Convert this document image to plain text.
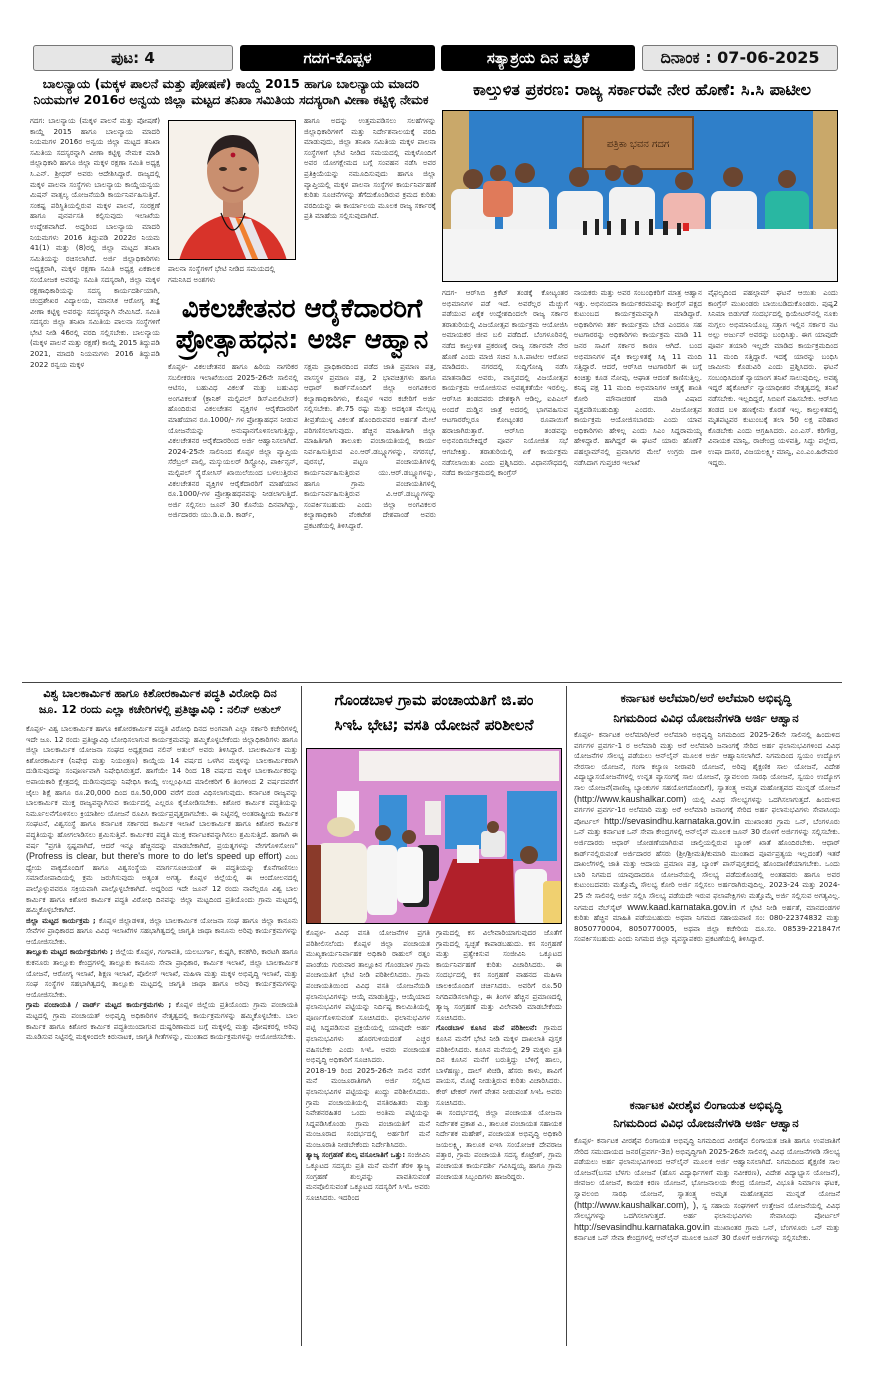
ಪುಟ: 4	ಗದಗ-ಕೊಪ್ಪಳ	ಸತ್ಯಾಶ್ರಯ ದಿನ ಪತ್ರಿಕೆ	ದಿನಾಂಕ : 07-06-2025
ಬಾಲನ್ಯಾಯ (ಮಕ್ಕಳ ಪಾಲನೆ ಮತ್ತು ಪೋಷಣೆ) ಕಾಯ್ದೆ 2015 ಹಾಗೂ ಬಾಲನ್ಯಾಯ ಮಾದರಿ
ನಿಯಮಗಳ 2016ರ ಅನ್ವಯ ಜಿಲ್ಲಾ ಮಟ್ಟದ ತನಿಖಾ ಸಮಿತಿಯ ಸದಸ್ಯರಾಗಿ ವೀಣಾ ಕಟ್ಟಿಳ್ಳಿ ನೇಮಕ
ಗದಗ: ಬಾಲನ್ಯಾಯ (ಮಕ್ಕಳ ಪಾಲನೆ ಮತ್ತು ಪೋಷಣೆ) ಕಾಯ್ದೆ 2015 ಹಾಗೂ ಬಾಲನ್ಯಾಯ ಮಾದರಿ ನಿಯಮಗಳ 2016ರ ಅನ್ವಯ ಜಿಲ್ಲಾ ಮಟ್ಟದ ತನಿಖಾ ಸಮಿತಿಯ ಸದಸ್ಯರನ್ನಾಗಿ ವೀಣಾ ಕಟ್ಟಿಳ್ಳಿ ನೇಮಕ ಮಾಡಿ ಜಿಲ್ಲಾಧಿಕಾರಿ ಹಾಗೂ ಜಿಲ್ಲಾ ಮಕ್ಕಳ ರಕ್ಷಣಾ ಸಮಿತಿ ಅಧ್ಯಕ್ಷ ಸಿ.ಎನ್. ಶ್ರೀಧರ್ ಅವರು ಆದೇಶಿಸಿದ್ದಾರೆ. ರಾಜ್ಯದಲ್ಲಿ ಮಕ್ಕಳ ಪಾಲನಾ ಸಂಸ್ಥೆಗಳು ಬಾಲನ್ಯಾಯ ಕಾಯ್ದೆಯನ್ವಯ ಮಿಷನ್ ವಾತ್ಸಲ್ಯ ಯೋಜನೆಯಡಿ ಕಾರ್ಯನಿರ್ವಹಿಸುತ್ತಿವೆ. ಸಂಕಷ್ಟ ಪರಿಸ್ಥಿತಿಯಲ್ಲಿರುವ ಮಕ್ಕಳ ಪಾಲನೆ, ಸಂರಕ್ಷಣೆ ಹಾಗೂ ಪುನರ್ವಸತಿ ಕಲ್ಪಿಸುವುದು ಇಲಾಖೆಯ ಉದ್ದೇಶವಾಗಿದೆ. ಅದ್ದರಿಂದ ಬಾಲನ್ಯಾಯ ಮಾದರಿ ನಿಯಮಗಳು 2016 ತಿದ್ದುಪಡಿ 2022ರ ನಿಯಮ 41(1) ಮತ್ತು (8)ರಲ್ಲಿ ಜಿಲ್ಲಾ ಮಟ್ಟದ ತನಿಖಾ ಸಮಿತಿಯನ್ನು ರಚಿಸಲಾಗಿದೆ. ಅರ್ಜಿ ಜಿಲ್ಲಾಧಿಕಾರಿಗಳು ಅಧ್ಯಕ್ಷರಾಗಿ, ಮಕ್ಕಳ ರಕ್ಷಣಾ ಸಮಿತಿ ಅಧ್ಯಕ್ಷ ಏಕಕಾಲಕ ಸಂಯೋಜಕ ಅವರನ್ನು ಸಮಿತಿ ಸದಸ್ಯರಾಗಿ, ಜಿಲ್ಲಾ ಮಕ್ಕಳ ರಕ್ಷಣಾಧಿಕಾರಿಯನ್ನು ಸದಸ್ಯ ಕಾರ್ಯದರ್ಶಿಯಾಗಿ, ಚಂದ್ರಶೇಖರ ವಿದ್ಯಾಲಯ, ಮಾನಸಿಕ ಆರೋಗ್ಯ ತಜ್ಞೆ ವೀಣಾ ಕಟ್ಟಿಳ್ಳಿ ಅವರನ್ನು ಸದಸ್ಯರನ್ನಾಗಿ ನೇಮಿಸಿದೆ. ಸಮಿತಿ ಸದಸ್ಯರು ಜಿಲ್ಲಾ ತನಿಖಾ ಸಮಿತಿಯ ಪಾಲನಾ ಸಂಸ್ಥೆಗಳಿಗೆ ಭೇಟಿ ನೀಡಿ 46ರಲ್ಲಿ ವರದಿ ಸಲ್ಲಿಸಬೇಕು. ಬಾಲನ್ಯಾಯ (ಮಕ್ಕಳ ಪಾಲನೆ ಮತ್ತು ರಕ್ಷಣೆ) ಕಾಯ್ದೆ 2015 ತಿದ್ದುಪಡಿ 2021, ಮಾದರಿ ನಿಯಮಗಳು 2016 ತಿದ್ದುಪಡಿ 2022 ರನ್ವಯ ಮಕ್ಕಳ
ಪಾಲನಾ ಸಂಸ್ಥೆಗಳಿಗೆ ಭೇಟಿ ನೀಡಿದ ಸಮಯದಲ್ಲಿ ಗಮನಿಸಿದ ಅಂಶಗಳು
ಹಾಗೂ ಅದನ್ನು ಉತ್ತಮಪಡಿಸಲು ಸಲಹೆಗಳನ್ನು ಜಿಲ್ಲಾಧಿಕಾರಿಗಳಿಗೆ ಮತ್ತು ನಿರ್ದೇಶನಾಲಯಕ್ಕೆ ವರದಿ ಮಾಡುವುದು, ಜಿಲ್ಲಾ ತನಿಖಾ ಸಮಿತಿಯ ಮಕ್ಕಳ ಪಾಲನಾ ಸಂಸ್ಥೆಗಳಿಗೆ ಭೇಟಿ ನೀಡಿದ ಸಮಯದಲ್ಲಿ ಮಕ್ಕಳೊಂದಿಗೆ ಅವರ ಯೋಗಕ್ಷೇಮದ ಬಗ್ಗೆ ಸಂವಹನ ನಡೆಸಿ ಅವರ ಪ್ರತಿಕ್ರಿಯೆಯನ್ನು ನಮೂದಿಸುವುದು ಹಾಗೂ ಜಿಲ್ಲಾ ವ್ಯಾಪ್ತಿಯಲ್ಲಿ ಮಕ್ಕಳ ಪಾಲನಾ ಸಂಸ್ಥೆಗಳ ಕಾರ್ಯನಿರ್ವಹಣೆ ಕುರಿತು ಸೂಚನೆಗಳನ್ನು ತೆಗೆದುಕೊಂಡಿರುವ ಕ್ರಮದ ಕುರಿತು ವರದಿಯನ್ನು ಈ ಕಾರ್ಯಾಲಯ ಮೂಲಕ ರಾಜ್ಯ ಸರ್ಕಾರಕ್ಕೆ ಪ್ರತಿ ಮಾಹೆಯ ಸಲ್ಲಿಸುವುದಾಗಿದೆ.
ವಿಕಲಚೇತನರ ಆರೈಕೆದಾರರಿಗೆ
ಪ್ರೋತ್ಸಾಹಧನ: ಅರ್ಜಿ ಆಹ್ವಾನ
ಕೊಪ್ಪಳ- ವಿಕಲಚೇತನರ ಹಾಗೂ ಹಿರಿಯ ನಾಗರಿಕರ ಸಬಲೀಕರಣ ಇಲಾಖೆಯಿಂದ 2025-26ನೇ ಸಾಲಿನಲ್ಲಿ ಆಟಿಸಂ, ಬಹುವಿಧ ವಿಕಲತೆ ಮತ್ತು ಬಹುವಿಧ ಅಂಗವಿಕಲತೆ (ಕ್ರಾನಿಕ್ ಮಲ್ಟಿಪಲ್ ಡಿಸ್ಎಬಿಲಿಟೀಸ್) ಹೊಂದಿರುವ ವಿಕಲಚೇತನ ವ್ಯಕ್ತಿಗಳ ಆರೈಕೆದಾರರಿಗೆ ಮಾಹೆಯಾನ ರೂ.1000/- ಗಳ ಪ್ರೋತ್ಸಾಹಧನ ನೀಡುವ ಯೋಜನೆಯನ್ನು ಅನುಷ್ಠಾನಗೊಳಿಸಲಾಗುತ್ತಿದ್ದು, ವಿಕಲಚೇತನರ ಆರೈಕೆದಾರರಿಂದ ಅರ್ಜಿ ಆಹ್ವಾನಿಸಲಾಗಿದೆ. 2024-25ನೇ ಸಾಲಿನಿಂದ ಕೊಪ್ಪಳ ಜಿಲ್ಲಾ ವ್ಯಾಪ್ತಿಯ ಸೆರೆಬ್ರಲ್ ಪಾಲ್ಸಿ, ಮಸ್ಕುಯಲರ್ ಡಿಸ್ಟ್ರೋಫಿ, ಪಾರ್ಕಿನ್ಸನ್, ಮಲ್ಟಿಪಲ್ ಸ್ಕ್ಲೆರೋಸಿಸ್ ಖಾಯಿಲೆಯಿಂದ ಬಳಲುತ್ತಿರುವ ವಿಕಲಚೇತನರ ವ್ಯಕ್ತಿಗಳ ಆರೈಕೆದಾರರಿಗೆ ಮಾಹೆಯಾನ ರೂ.1000/-ಗಳ ಪ್ರೋತ್ಸಾಹಧನವನ್ನು ನೀಡಲಾಗುತ್ತಿದೆ. ಅರ್ಜಿ ಸಲ್ಲಿಸಲು ಜೂನ್ 30 ಕೊನೆಯ ದಿನವಾಗಿದ್ದು, ಅರ್ಜಿದಾರರು ಯು.ಡಿ.ಐ.ಡಿ. ಕಾರ್ಡ್,
ಸಕ್ಷಮ ಪ್ರಾಧಿಕಾರದಿಂದ ಪಡೆದ ಜಾತಿ ಪ್ರಮಾಣ ಪತ್ರ, ವಾಸಸ್ಥಳ ಪ್ರಮಾಣ ಪತ್ರ, 2 ಭಾವಚಿತ್ರಗಳು ಹಾಗೂ ಆಧಾರ್ ಕಾರ್ಡ್‌ನೊಂದಿಗೆ ಜಿಲ್ಲಾ ಅಂಗವಿಕಲರ ಕಲ್ಯಾಣಾಧಿಕಾರಿಗಳು, ಕೊಪ್ಪಳ ಇವರ ಕಚೇರಿಗೆ ಅರ್ಜಿ ಸಲ್ಲಿಸಬೇಕು. ಶೇ.75 ರಷ್ಟು ಮತ್ತು ಅದಕ್ಕಿಂತ ಮೇಲ್ಪಟ್ಟ ತೀವ್ರತೆಯುಳ್ಳ ವಿಕಲತೆ ಹೊಂದಿರುವವರ ಅರ್ಹತೆ ಮೇಲೆ ಪರಿಗಣಿಸಲಾಗುವುದು. ಹೆಚ್ಚಿನ ಮಾಹಿತಿಗಾಗಿ ಜಿಲ್ಲಾ ಮಾಹಿತಿಗಾಗಿ ತಾಲೂಕು ಪಂಚಾಯತಿಯಲ್ಲಿ ಕಾರ್ಯ ನಿರ್ವಹಿಸುತ್ತಿರುವ ಎಂ.ಆರ್.ಡಬ್ಲ್ಯೂಗಳನ್ನು, ನಗರಸಭೆ, ಪುರಸಭೆ, ಪಟ್ಟಣ ಪಂಚಾಯತಿಗಳಲ್ಲಿ ಕಾರ್ಯನಿರ್ವಹಿಸುತ್ತಿರುವ ಯು.ಆರ್.ಡಬ್ಲ್ಯೂಗಳನ್ನು, ಹಾಗೂ ಗ್ರಾಮ ಪಂಚಾಯತಿಗಳಲ್ಲಿ ಕಾರ್ಯನಿರ್ವಹಿಸುತ್ತಿರುವ ವಿ.ಆರ್.ಡಬ್ಲ್ಯೂಗಳನ್ನು ಸಂಪರ್ಕಿಸಬಹುದು ಎಂದು ಜಿಲ್ಲಾ ಅಂಗವಿಕಲರ ಕಲ್ಯಾಣಾಧಿಕಾರಿ ವೆಂಕಟೇಶ ದೇಶಪಾಂಡೆ ಅವರು ಪ್ರಕಟಣೆಯಲ್ಲಿ ತಿಳಿಸಿದ್ದಾರೆ.
ಕಾಲ್ತುಳಿತ ಪ್ರಕರಣ: ರಾಜ್ಯ ಸರ್ಕಾರವೇ ನೇರ ಹೊಣೆ: ಸಿ.ಸಿ ಪಾಟೀಲ
ಪತ್ರಿಕಾ ಭವನ ಗದಗ
ಗದಗ- ಆರ್‌ಸಿಬಿ ಕ್ರಿಕೆಟ್ ತಂಡಕ್ಕೆ ಕೋಟ್ಯಂತರ ಅಭಿಮಾನಿಗಳ ಪಡೆ ಇದೆ. ಅವರೆಲ್ಲರ ಮೆಚ್ಚುಗೆ ಪಡೆಯುವ ಏಕೈಕ ಉದ್ದೇಶದಿಂದಲೇ ರಾಜ್ಯ ಸರ್ಕಾರ ತರಾತುರಿಯಲ್ಲಿ ವಿಜಯೋತ್ಸವ ಕಾರ್ಯಕ್ರಮ ಆಯೋಜಿಸಿ ಅಮಾಯಕರ ಜೀವ ಬಲಿ ಪಡೆದಿದೆ. ಬೆಂಗಳೂರಿನಲ್ಲಿ ನಡೆದ ಕಾಲ್ತುಳಿತ ಪ್ರಕರಣಕ್ಕೆ ರಾಜ್ಯ ಸರ್ಕಾರವೇ ನೇರ ಹೊಣೆ ಎಂದು ಮಾಜಿ ಸಚಿವ ಸಿ.ಸಿ.ಪಾಟೀಲ ಆರೋಪ ಮಾಡಿದರು. ನಗರದಲ್ಲಿ ಸುದ್ದಿಗೋಷ್ಠಿ ನಡೆಸಿ ಮಾತನಾಡಿದ ಅವರು, ವಾಸ್ತವದಲ್ಲಿ ವಿಜಯೋತ್ಸವ ಕಾರ್ಯಕ್ರಮ ಆಯೋಜಿಸುವ ಅವಶ್ಯಕತೆಯೇ ಇರಲಿಲ್ಲ. ಆರ್‌ಸಿಬಿ ತಂಡದವರು ದೇಶಕ್ಕಾಗಿ ಆಡಿಲ್ಲ, ಐಪಿಎಲ್ ಅಂದರೆ ದುಡ್ಡಿನ ಜಾತ್ರೆ ಅದರಲ್ಲಿ ಭಾಗವಹಿಸುವ ಆಟಗಾರರೆಲ್ಲರೂ ಕೋಟ್ಯಂತರ ರೂಪಾಯಿಗೆ ಹರಾಜಾಗಿರುತ್ತಾರೆ. ಆರ್‌ಸಿಬಿ ತಂಡವನ್ನು ಅಭಿನಂದಿಸಬೇಕಿದ್ದರೆ ಪೂರ್ವ ನಿಯೋಜಿತ ಸಭೆ ಆಗಬೇಕಿತ್ತು. ತರಾತುರಿಯಲ್ಲಿ ಏಕೆ ಕಾರ್ಯಕ್ರಮ ನಡೆಸಲಾಯಿತು ಎಂದು ಪ್ರಶ್ನಿಸಿದರು. ವಿಧಾನಸೌಧದಲ್ಲಿ ನಡೆದ ಕಾರ್ಯಕ್ರಮದಲ್ಲಿ ಕಾಂಗ್ರೆಸ್
ನಾಯಕರು ಮತ್ತು ಅವರ ಸಂಬಂಧಿಕರಿಗೆ ಮಾತ್ರ ಆಹ್ವಾನ ಇತ್ತು. ಅಭಿನಂದನಾ ಕಾರ್ಯಕರಮವನ್ನು ಕಾಂಗ್ರೆಸ್ ಪಕ್ಷದ ಕುಟುಂಬದ ಕಾರ್ಯಕ್ರಮವನ್ನಾಗಿ ಮಾಡಿದ್ದಾರೆ. ಅಧಿಕಾರಿಗಳು ತರ್ಕ ಕಾರ್ಯಕ್ರಮ ಬೇಡ ಎಂದರೂ ಸಹ ಅಟಗಾರರನ್ನು ಅಧಿಕಾರಿಗಳು ಕಾರ್ಯಕ್ರಮ ಮಾಡಿ 11 ಜನರ ಸಾವಿಗೆ ಸರ್ಕಾರ ಕಾರಣ ಆಗಿದೆ. ಬಂದ ಅಭಿಮಾನಿಗಳ ಪೈಕಿ ಕಾಲ್ತುಳಿತಕ್ಕೆ ಸಿಕ್ಕಿ 11 ಮಂದಿ ಸತ್ತಿದ್ದಾರೆ. ಆದರೆ, ಆರ್‌ಸಿಬಿ ಆಟಗಾರರಿಗೆ ಈ ಬಗ್ಗೆ ಕಿಂಚಿತ್ತು ಕೂಡ ನೋವು, ಆಘಾತ ಆದಂತೆ ಕಾಣಿಸುತ್ತಿಲ್ಲ. ಕನಿಷ್ಠ ಪಕ್ಷ 11 ಮಂದಿ ಅಭಿಮಾನಿಗಳ ಆತ್ಮಕ್ಕೆ ಶಾಂತಿ ಕೋರಿ ಮೌನಾಚರಣೆ ಮಾಡಿ ವಿಷಾದ ವ್ಯಕ್ತಪಡಿಸಬಹುದಿತ್ತು ಎಂದರು. ವಿಜಯೋತ್ಸವ ಕಾರ್ಯಕ್ರಮ ಆಯೋಜಿಸಬಾರದು ಎಂದು ಯಾವ ಅಧಿಕಾರಿಗಳು ಹೇಳಿಲ್ಲ ಎಂದು ಸಿಎಂ ಸಿದ್ದರಾಮಯ್ಯ ಹೇಳಿದ್ದಾರೆ. ಹಾಗಿದ್ದರೆ ಈ ಘಟನೆ ಯಾರು ಹೊಣೆ? ಪಹಲ್ಗಾಮ್‌ನಲ್ಲಿ ಪ್ರವಾಸಿಗರ ಮೇಲೆ ಉಗ್ರರು ದಾಳಿ ನಡೆಸಿದಾಗ ಗುಪ್ತಚರ ಇಲಾಖೆ
ವೈಫಲ್ಯದಿಂದ ಪಹಲ್ಗಾಮ್ ಘಟನೆ ಆಯಿತು ಎಂದು ಕಾಂಗ್ರೆಸ್ ಮುಖಂಡರು ಬಾಯಿಬಡಿದುಕೊಂಡರು. ಪುಷ್ಪ2 ಸಿನಿಮಾ ಬಿಡುಗಡೆ ಸಂದರ್ಭದಲ್ಲಿ ಥಿಯೇಟರ್‌ನಲ್ಲಿ ನೂಕು ನುಗ್ಗಲು ಅಭಿಮಾನಿಯೊಬ್ಬ ಸತ್ತಾಗ ಇಲ್ಲಿನ ಸರ್ಕಾರ ನಟ ಅಲ್ಲು ಅರ್ಜುನ್ ಅವರನ್ನು ಬಂಧಿಸಿತ್ತು. ಈಗ ಯಾವುದೇ ಪೂರ್ವ ತಯಾರಿ ಇಲ್ಲದೇ ಮಾಡಿದ ಕಾರ್ಯಕ್ರಮದಿಂದ 11 ಮಂದಿ ಸತ್ತಿದ್ದಾರೆ. ಇದಕ್ಕೆ ಯಾರನ್ನು ಬಂಧಿಸಿ ಜಾಮೀನು ಕೊಡುವಿರಿ ಎಂದು ಪ್ರಶ್ನಿಸಿದರು. ಘಟನೆ ಸಂಬಂಧಿಸಿದಂತೆ ನ್ಯಾಯಾಂಗ ತನಿಖೆ ಸಾಲುವುದಿಲ್ಲ. ಅವಶ್ಯ ಇದ್ದರೆ ಹೈಕೋರ್ಟ್ ನ್ಯಾಯಾಧೀಶರ ನೇತೃತ್ವದಲ್ಲಿ ತನಿಖೆ ನಡೆಸಬೇಕು. ಇಲ್ಲದಿದ್ದರೆ, ಸಿಬಿಐಗೆ ವಹಿಸಬೇಕು. ಆರ್‌ಸಿಬಿ ತಂಡದ ಬಳಿ ಹಣಕ್ಕೇನು ಕೊರತೆ ಇಲ್ಲ. ಕಾಲ್ತುಳಿತದಲ್ಲಿ ಮೃತಪಟ್ಟವರ ಕುಟುಂಬಕ್ಕೆ ತಲಾ 50 ಲಕ್ಷ ಪರಿಹಾರ ಕೊಡಬೇಕು ಎಂದು ಆಗ್ರಹಿಸಿದರು. ಎಂ.ಎಸ್. ಕರಿಗೌಡ್ರ, ವಿನಾಯಕ ಮಾನ್ವಿ, ರಾಜೇಂದ್ರ ಯಳವತ್ತಿ, ಸಿದ್ದು ಪಲ್ಲೇದ, ಉಷಾ ದಾಸರ, ವಿಜಯಲಕ್ಷ್ಮೀ ಮಾನ್ವಿ, ಎಂ.ಎಂ.ಹಿರೇಮಠ ಇದ್ದರು.
ವಿಶ್ವ ಬಾಲಕಾರ್ಮಿಕ ಹಾಗೂ ಕಿಶೋರಕಾರ್ಮಿಕ ಪದ್ಧತಿ ವಿರೋಧಿ ದಿನ
ಜೂ. 12 ರಂದು ಎಲ್ಲಾ ಕಚೇರಿಗಳಲ್ಲಿ ಪ್ರತಿಜ್ಞಾವಿಧಿ : ನಲಿನ್ ಅತುಲ್
ಕೊಪ್ಪಳ- ವಿಶ್ವ ಬಾಲಕಾರ್ಮಿಕ ಹಾಗೂ ಕಿಶೋರಕಾರ್ಮಿಕ ಪದ್ಧತಿ ವಿರೋಧಿ ದಿನದ ಅಂಗವಾಗಿ ಎಲ್ಲಾ ಸರ್ಕಾರಿ ಕಚೇರಿಗಳಲ್ಲಿ ಇದೇ ಜೂ. 12 ರಂದು ಪ್ರತಿಜ್ಞಾವಿಧಿ ಬೋಧಿಸಲಾಗುವ ಕಾರ್ಯಕ್ರಮವನ್ನು ಹಮ್ಮಿಕೊಳ್ಳಬೇಕೆಂದು ಜಿಲ್ಲಾಧಿಕಾರಿಗಳು ಹಾಗೂ ಜಿಲ್ಲಾ ಬಾಲಕಾರ್ಮಿಕ ಯೋಜನಾ ಸಂಘದ ಅಧ್ಯಕ್ಷರಾದ ನಲಿನ್ ಅತುಲ್ ಅವರು ತಿಳಿಸಿದ್ದಾರೆ. ಬಾಲಕಾರ್ಮಿಕ ಮತ್ತು ಕಿಶೋರಕಾರ್ಮಿಕ (ನಿಷೇಧ ಮತ್ತು ನಿಯಂತ್ರಣ) ಕಾಯ್ದೆಯ 14 ವರ್ಷದ ಒಳಗಿನ ಮಕ್ಕಳನ್ನು ಬಾಲಕಾರ್ಮಿಕರಾಗಿ ದುಡಿಸುವುದನ್ನು ಸಂಪೂರ್ಣವಾಗಿ ನಿಷೇಧಿಸಿರುತ್ತದೆ. ಹಾಗೆಯೇ 14 ರಿಂದ 18 ವರ್ಷದ ಮಕ್ಕಳ ಬಾಲಕಾರ್ಮಿಕರನ್ನು ಅಪಾಯಕಾರಿ ಕ್ಷೇತ್ರದಲ್ಲಿ ದುಡಿಸುವುದನ್ನು ನಿಷೇಧಿಸಿ ಕಾಯ್ದೆ ಉಲ್ಲಂಘಿಸಿದ ಮಾಲೀಕರಿಗೆ 6 ತಿಂಗಳಿಂದ 2 ವರ್ಷದವರೆಗೆ ಜೈಲು ಶಿಕ್ಷೆ ಹಾಗೂ ರೂ.20,000 ದಿಂದ ರೂ.50,000 ವರೆಗೆ ದಂಡ ವಿಧಿಸಲಾಗುವುದು. ಕರ್ನಾಟಕ ರಾಜ್ಯವನ್ನು ಬಾಲಕಾರ್ಮಿಕ ಮುಕ್ತ ರಾಜ್ಯವನ್ನಾಗಿಸುವ ಕಾರ್ಯದಲ್ಲಿ ಎಲ್ಲರೂ ಕೈಜೋಡಿಸಬೇಕು. ಕಿಶೋರ ಕಾರ್ಮಿಕ ಪದ್ಧತಿಯನ್ನು ನಿರ್ಮೂಲನೆಗೊಳಿಸಲು ಕ್ರಿಯಾಶೀಲ ಯೋಜನೆ ರೂಪಿಸಿ ಕಾರ್ಯಪ್ರವೃತ್ತರಾಗಬೇಕು. ಈ ನಿಟ್ಟಿನಲ್ಲಿ ಅಂತರಾಷ್ಟ್ರೀಯ ಕಾರ್ಮಿಕ ಸಂಘಟನೆ, ವಿಶ್ವಸಂಸ್ಥೆ ಹಾಗೂ ಕರ್ನಾಟಕ ಸರ್ಕಾರದ ಕಾರ್ಮಿಕ ಇಲಾಖೆ ಬಾಲಕಾರ್ಮಿಕ ಹಾಗೂ ಕಿಶೋರ ಕಾರ್ಮಿಕ ಪದ್ಧತಿಯನ್ನು ಹೋಗಲಾಡಿಸಲು ಶ್ರಮಿಸುತ್ತಿವೆ. ಕಾರ್ಮಿಕರ ಪದ್ಧತಿ ಮುಕ್ತ ಕರ್ನಾಟಕವನ್ನಾಗಿಸಲು ಶ್ರಮಿಸುತ್ತಿದೆ. ಹಾಗಾಗಿ ಈ ವರ್ಷ "ಪ್ರಗತಿ ಸ್ಪಷ್ಟವಾಗಿದೆ, ಆದರೆ ಇನ್ನೂ ಹೆಚ್ಚಿನದನ್ನು ಮಾಡಬೇಕಾಗಿದೆ, ಪ್ರಯತ್ನಗಳನ್ನು ವೇಗಗೊಳಿಸೋಣ" (Profress is clear, but there's more to do let's speed up effort) ಎಂಬ ಧ್ಯೇಯ ವಾಕ್ಯದೊಂದಿಗೆ ಹಾಗೂ ವಿಶ್ವಸಂಸ್ಥೆಯ ಮಾರ್ಗಸೂಚಿಯಂತೆ ಈ ಪದ್ಧತಿಯನ್ನು ಕೊನೆಗಾಣಿಸಲು ಸಮಾರೋಪಾದಿಯಲ್ಲಿ ಕ್ರಮ ಜರುಗಿಸುವುದು ಅತ್ಯಂತ ಅಗತ್ಯ. ಕೊಪ್ಪಳ ಜಿಲ್ಲೆಯಲ್ಲಿ ಈ ಆಂದೋಲನದಲ್ಲಿ ಪಾಲ್ಗೊಳ್ಳುವವರೂ ಸಕ್ರಿಯವಾಗಿ ಪಾಲ್ಗೊಳ್ಳಬೇಕಾಗಿದೆ. ಅದ್ದರಿಂದ ಇದೇ ಜೂನ್ 12 ರಂದು ನಾವೆಲ್ಲರೂ ವಿಶ್ವ ಬಾಲ ಕಾರ್ಮಿಕ ಹಾಗೂ ಕಿಶೋರ ಕಾರ್ಮಿಕ ಪದ್ಧತಿ ವಿರೋಧಿ ದಿನವನ್ನು ಜಿಲ್ಲಾ ಮಟ್ಟದಿಂದ ಪ್ರತಿಯೊಂದು ಗ್ರಾಮ ಮಟ್ಟದಲ್ಲಿ ಹಮ್ಮಿಕೊಳ್ಳಬೇಕಾಗಿದೆ.
ಜಿಲ್ಲಾ ಮಟ್ಟದ ಕಾರ್ಯಕ್ರಮ ; ಕೊಪ್ಪಳ ಜಿಲ್ಲಾಡಳಿತ, ಜಿಲ್ಲಾ ಬಾಲಕಾರ್ಮಿಕ ಯೋಜನಾ ಸಂಘ ಹಾಗೂ ಜಿಲ್ಲಾ ಕಾನೂನು ಸೇವೆಗಳ ಪ್ರಾಧಿಕಾರದ ಹಾಗೂ ವಿವಿಧ ಇಲಾಖೆಗಳ ಸಹಭಾಗಿತ್ವದಲ್ಲಿ ಜಾಗೃತಿ ಜಾಥಾ ಕಾನೂನು ಅರಿವು ಕಾರ್ಯಕ್ರಮಗಳನ್ನು ಆಯೋಜಿಸಬೇಕು.
ತಾಲ್ಲೂಕು ಮಟ್ಟದ ಕಾರ್ಯಕ್ರಮಗಳು ; ಜಿಲ್ಲೆಯ ಕೊಪ್ಪಳ, ಗಂಗಾವತಿ, ಯಲಬುರ್ಗಾ, ಕುಷ್ಟಗಿ, ಕನಕಗಿರಿ, ಕಾರಟಗಿ ಹಾಗೂ ಕುಕನೂರು ತಾಲ್ಲೂಕು ಕೇಂದ್ರಗಳಲ್ಲಿ ತಾಲ್ಲೂಕು ಕಾನೂನು ಸೇವಾ ಪ್ರಾಧಿಕಾರ, ಕಾರ್ಮಿಕ ಇಲಾಖೆ, ಜಿಲ್ಲಾ ಬಾಲಕಾರ್ಮಿಕ ಯೋಜನೆ, ಆರೋಗ್ಯ ಇಲಾಖೆ, ಶಿಕ್ಷಣ ಇಲಾಖೆ, ಪೊಲೀಸ್ ಇಲಾಖೆ, ಮಹಿಳಾ ಮತ್ತು ಮಕ್ಕಳ ಅಭಿವೃದ್ಧಿ ಇಲಾಖೆ, ಮತ್ತು ಸಂಘ ಸಂಸ್ಥೆಗಳ ಸಹಭಾಗಿತ್ವದಲ್ಲಿ ತಾಲ್ಲೂಕು ಮಟ್ಟದಲ್ಲಿ ಜಾಗೃತಿ ಜಾಥಾ ಹಾಗೂ ಅರಿವು ಕಾರ್ಯಕ್ರಮಗಳನ್ನು ಆಯೋಜಿಸಬೇಕು.
ಗ್ರಾಮ ಪಂಚಾಯತಿ / ವಾರ್ಡ್ ಮಟ್ಟದ ಕಾರ್ಯಕ್ರಮಗಳು ; ಕೊಪ್ಪಳ ಜಿಲ್ಲೆಯ ಪ್ರತಿಯೊಂದು ಗ್ರಾಮ ಪಂಚಾಯತಿ ಮಟ್ಟದಲ್ಲಿ ಗ್ರಾಮ ಪಂಚಾಯತ್ ಅಭಿವೃದ್ಧಿ ಅಧಿಕಾರಿಗಳ ನೇತೃತ್ವದಲ್ಲಿ ಕಾರ್ಯಕ್ರಮಗಳನ್ನು ಹಮ್ಮಿಕೊಳ್ಳಬೇಕು. ಬಾಲ ಕಾರ್ಮಿಕ ಹಾಗೂ ಕಿಶೋರ ಕಾರ್ಮಿಕ ಪದ್ಧತಿಯಿಂದಾಗುವ ದುಷ್ಪರಿಣಾಮದ ಬಗ್ಗೆ ಮಕ್ಕಳಲ್ಲಿ ಮತ್ತು ಪೋಷಕರಲ್ಲಿ ಅರಿವು ಮೂಡಿಸುವ ನಿಟ್ಟಿನಲ್ಲಿ ಮಕ್ಕಳಿಂದಲೇ ಕಿರುನಾಟಕ, ಜಾಗೃತಿ ಗೀತೆಗಳನ್ನು, ಮುಂತಾದ ಕಾರ್ಯಕ್ರಮಗಳನ್ನು ಆಯೋಜಿಸಬೇಕು.
ಗೊಂಡಬಾಳ ಗ್ರಾಮ ಪಂಚಾಯತಿಗೆ ಜಿ.ಪಂ
ಸಿಇಓ ಭೇಟಿ; ವಸತಿ ಯೋಜನೆ ಪರಿಶೀಲನೆ
ಕೊಪ್ಪಳ- ವಿವಿಧ ವಸತಿ ಯೋಜನೆಗಳ ಪ್ರಗತಿ ಪರಿಶೀಲಿಸಲೆಂದು ಕೊಪ್ಪಳ ಜಿಲ್ಲಾ ಪಂಚಾಯತ ಮುಖ್ಯಕಾರ್ಯನಿರ್ವಾಹಕ ಅಧಿಕಾರಿ ರಾಹುಲ್ ರತ್ನಂ ಪಾಂಡೆಯ ಗುರುವಾರ ತಾಲ್ಲೂಕಿನ ಗೊಂಡಬಾಳ ಗ್ರಾಮ ಪಂಚಾಯತಿಗೆ ಭೇಟಿ ನೀಡಿ ಪರಿಶೀಲಿಸಿದರು. ಗ್ರಾಮ ಪಂಚಾಯತಿಯಿಂದ ವಿವಿಧ ವಸತಿ ಯೋಜನೆಯಡಿ ಫಲಾನುಭವಿಗಳನ್ನು ಆಯ್ಕೆ ಮಾಡುತ್ತಿದ್ದು, ಆಯ್ಕೆಯಾದ ಫಲಾನುಭವಿಗಳ ಪಟ್ಟಿಯನ್ನು ನಿರ್ದಿಷ್ಟ ಕಾಲಮಿತಿಯಲ್ಲಿ ಪೂರ್ಣಗೊಳಿಸುವಂತೆ ಸೂಚಿಸಿದರು. ಫಲಾನುಭವಿಗಳ ಪಟ್ಟಿ ಸಿದ್ದಪಡಿಸುವ ಪ್ರಕ್ರಿಯೆಯಲ್ಲಿ ಯಾವುದೇ ಅರ್ಹ ಫಲಾನುಭವಿಗಳು ಹೊರಗುಳಿಯದಂತೆ ಎಚ್ಚರ ವಹಿಸಬೇಕು ಎಂದು ಸಿಇಓ ಅವರು ಪಂಚಾಯತ ಅಭಿವೃದ್ಧಿ ಅಧಿಕಾರಿಗೆ ಸೂಚಿಸಿದರು.
2018-19 ರಿಂದ 2025-26ನೇ ಸಾಲಿನ ವರೆಗೆ ಮನೆ ಮಂಜೂರಾತಿಗಾಗಿ ಅರ್ಜಿ ಸಲ್ಲಿಸಿದ ಫಲಾನುಭವಿಗಳ ಪಟ್ಟಿಯನ್ನು ಖುದ್ದು ಪರಿಶೀಲಿಸಿದರು. ಗ್ರಾಮ ಪಂಚಾಯತಿಯಲ್ಲಿ ವಸತಿರಹಿತರು ಮತ್ತು ನಿವೇಶನರಹಿತರ ಒಂದು ಅಂತಿಮ ಪಟ್ಟಿಯನ್ನು ಸಿದ್ದಪಡಿಸಿಕೊಂಡು ಗ್ರಾಮ ಪಂಚಾಯತಿಗೆ ಮನೆ ಮಂಜೂರಾದ ಸಂದರ್ಭದಲ್ಲಿ ಅರ್ಹರಿಗೆ ಮನೆ ಮಂಜೂರಾತಿ ನೀಡಬೇಕೆಂದು ನಿರ್ದೇಶಿಸಿದರು.
ತ್ಯಾಜ್ಯ ಸಂಗ್ರಹಣೆ ಶುಲ್ಕ ವಸೂಲಾತಿಗೆ ಒತ್ತು: ಸಂಜೀವಿನಿ ಒಕ್ಕೂಟದ ಸದಸ್ಯರು ಪ್ರತಿ ಮನೆ ಮನೆಗೆ ತೆರಳಿ ತ್ಯಾಜ್ಯ ಸಂಗ್ರಹಣೆ ಶುಲ್ಕವನ್ನು ಪಾವತಿಸುವಂತೆ ಮನವೊಲಿಸುವಂತೆ ಒಕ್ಕೂಟದ ಸದಸ್ಯರಿಗೆ ಸಿಇಓ ಅವರು ಸೂಚಿಸಿದರು. ಇದರಿಂದ
ಗ್ರಾಮದಲ್ಲಿ ಕಸ ವಿಲೇವಾರಿಯಾಗುವುದರ ಜೊತೆಗೆ ಗ್ರಾಮದಲ್ಲಿ ಸ್ವಚ್ಛತೆ ಕಾಪಾಡಬಹುದು. ಕಸ ಸಂಗ್ರಹಣೆ ಮತ್ತು ಪ್ರತ್ಯೇಕಿಸುವ ಸಂಜೀವಿನಿ ಒಕ್ಕೂಟದ ಕಾರ್ಯನಿರ್ವಹಣೆ ಕುರಿತು ವಿಚಾರಿಸಿದರು. ಈ ಸಂದರ್ಭದಲ್ಲಿ ಕಸ ಸಂಗ್ರಹಣೆ ವಾಹನದ ಮಹಿಳಾ ಚಾಲಕಿಯೊಂದಿಗೆ ಚರ್ಚಿಸಿದರು. ಅವರಿಗೆ ರೂ.50 ನಿಗದಿಪಡಿಸಲಾಗಿದ್ದು, ಈ ತಿಂಗಳ ಹೆಚ್ಚಿನ ಪ್ರಮಾಣದಲ್ಲಿ ತ್ಯಾಜ್ಯ ಸಂಗ್ರಹಣೆ ಮತ್ತು ವಿಲೇವಾರಿ ಮಾಡಬೇಕೆಂದು ಸೂಚಿಸಿದರು.
ಗೊಂಡಬಾಳ ಕೂಸಿನ ಮನೆ ಪರಿಶೀಲನೆ: ಗ್ರಾಮದ ಕೂಸಿನ ಮನೆಗೆ ಭೇಟಿ ನೀಡಿ ಮಕ್ಕಳ ದಾಖಲಾತಿ ಪುಸ್ತಕ ಪರಿಶೀಲಿಸಿದರು. ಕೂಸಿನ ಮನೆಯಲ್ಲಿ 29 ಮಕ್ಕಳು ಪ್ರತಿ ದಿನ ಕೂಸಿನ ಮನೆಗೆ ಬರುತ್ತಿದ್ದು ಬೆಳಿಗ್ಗೆ ಹಾಲು, ಬಾಳೆಹಣ್ಣು, ದಾಲ್ ಖಿಚಡಿ, ಹೆಸರು ಕಾಳು, ಶಾವಿಗೆ ಪಾಯಸ, ಮೊಟ್ಟೆ ನೀಡುತ್ತಿರುವ ಕುರಿತು ವಿಚಾರಿಸಿದರು. ಕೇರ್ ಟೇಕರ್ ಗಳಿಗೆ ವೇತನ ನೀಡುವಂತೆ ಸಿಇಓ ಅವರು ಸೂಚಿಸಿದರು.
ಈ ಸಂದರ್ಭದಲ್ಲಿ ಜಿಲ್ಲಾ ಪಂಚಾಯತ ಯೋಜನಾ ನಿರ್ದೇಶಕ ಪ್ರಕಾಶ ವಿ., ತಾಲೂಕ ಪಂಚಾಯತ ಸಹಾಯಕ ನಿರ್ದೇಶಕ ಮಹೇಶ್, ಪಂಚಾಯತ ಅಭಿವೃದ್ಧಿ ಅಧಿಕಾರಿ ಜಯಲಕ್ಷ್ಮಿ, ತಾಲೂಕ ಐಇಸಿ ಸಂಯೋಜಕ ದೇವರಾಜ ಪತ್ತಾರ, ಗ್ರಾಮ ಪಂಚಾಯತಿ ಸದಸ್ಯ ಕೊಟ್ರೇಶ್, ಗ್ರಾಮ ಪಂಚಾಯತ ಕಾರ್ಯದರ್ಶಿ ಗವಿಸಿದ್ದಯ್ಯ ಹಾಗೂ ಗ್ರಾಮ ಪಂಚಾಯತ ಸಿಬ್ಬಂದಿಗಳು ಹಾಜರಿದ್ದರು.
ಕರ್ನಾಟಕ ಅಲೆಮಾರಿ/ಅರೆ ಅಲೆಮಾರಿ ಅಭಿವೃದ್ಧಿ
ನಿಗಮದಿಂದ ವಿವಿಧ ಯೋಜನೆಗಳಡಿ ಅರ್ಜಿ ಆಹ್ವಾನ
ಕೊಪ್ಪಳ- ಕರ್ನಾಟಕ ಅಲೆಮಾರಿ/ಅರೆ ಅಲೆಮಾರಿ ಅಭಿವೃದ್ಧಿ ನಿಗಮದಿಂದ 2025-26ನೇ ಸಾಲಿನಲ್ಲಿ ಹಿಂದುಳಿದ ವರ್ಗಗಳ ಪ್ರವರ್ಗ-1 ರ ಅಲೆಮಾರಿ ಮತ್ತು ಅರೆ ಅಲೆಮಾರಿ ಜನಾಂಗಕ್ಕೆ ಸೇರಿದ ಅರ್ಹ ಫಲಾನುಭವಿಗಳಿಂದ ವಿವಿಧ ಯೋಜನೆಗಳ ಸೌಲಭ್ಯ ಪಡೆಯಲು ಆನ್‌ಲೈನ್ ಮೂಲಕ ಅರ್ಜಿ ಆಹ್ವಾನಿಸಲಾಗಿದೆ. ನಿಗಮದಿಂದ ಸ್ವಯಂ ಉದ್ಯೋಗ ನೇರಸಾಲ ಯೋಜನೆ, ಗಂಗಾ ಕಲ್ಯಾಣ ನೀರಾವರಿ ಯೋಜನೆ, ಅರಿವು ಶೈಕ್ಷಣಿಕ ಸಾಲ ಯೋಜನೆ, ವಿದೇಶ ವಿದ್ಯಾಭ್ಯಾಸಯೋಜನೆಗಳಲ್ಲಿ ಉನ್ನತ ವ್ಯಾಸಂಗಕ್ಕೆ ಸಾಲ ಯೋಜನೆ, ಸ್ವಾವಲಂಬಿ ಸಾರಥಿ ಯೋಜನೆ, ಸ್ವಯಂ ಉದ್ಯೋಗ ಸಾಲ ಯೋಜನೆ(ವಾಣಿಜ್ಯ ಬ್ಯಾಂಕುಗಳ ಸಹಯೋಗದೊಂದಿಗೆ), ಸ್ವಾತಂತ್ರ್ಯ ಅಮೃತ ಮಹೋತ್ಸವದ ಮುನ್ನಡೆ ಯೋಜನೆ (http://www.kaushalkar.com) ಯಲ್ಲಿ ವಿವಿಧ ಸೌಲಭ್ಯಗಳನ್ನು ಒದಗಿಸಲಾಗುತ್ತದೆ. ಹಿಂದುಳಿದ ವರ್ಗಗಳ ಪ್ರವರ್ಗ-1ರ ಅಲೆಮಾರಿ ಮತ್ತು ಅರೆ ಅಲೆಮಾರಿ ಜನಾಂಗಕ್ಕೆ ಸೇರಿದ ಅರ್ಹ ಫಲಾನುಭವಿಗಳು ಸೇವಾಸಿಂಧು ಪೋರ್ಟಲ್ http://sevasindhu.karnataka.gov.in ಮುಖಾಂತರ ಗ್ರಾಮ ಒನ್, ಬೆಂಗಳೂರು ಒನ್ ಮತ್ತು ಕರ್ನಾಟಕ ಒನ್ ಸೇವಾ ಕೇಂದ್ರಗಳಲ್ಲಿ ಆನ್‌ಲೈನ್ ಮೂಲಕ ಜೂನ್ 30 ರೊಳಗೆ ಅರ್ಜಿಗಳನ್ನು ಸಲ್ಲಿಸಬೇಕು. ಅರ್ಜಿದಾರರು ಆಧಾರ್ ಜೋಡಣೆಯಾಗಿರುವ ಚಾಲ್ತಿಯಲ್ಲಿರುವ ಬ್ಯಾಂಕ್ ಖಾತೆ ಹೊಂದಿರಬೇಕು. ಆಧಾರ್ ಕಾರ್ಡ್‌ನಲ್ಲಿರುವಂತೆ ಅರ್ಜಿದಾರರ ಹೆಸರು (ಶ್ರೀ/ಶ್ರೀಮತಿ/ಕುಮಾರಿ ಮುಂತಾದ ಪೂರ್ವಪ್ರತ್ಯಯ ಇಲ್ಲದಂತೆ) ಇತರೆ ದಾಖಲೆಗಳಲ್ಲಿ ಜಾತಿ ಮತ್ತು ಆದಾಯ ಪ್ರಮಾಣ ಪತ್ರ, ಬ್ಯಾಂಕ್ ಪಾಸ್‌ಪುಸ್ತಕದಲ್ಲಿ ಹೊಂದಾಣಿಕೆಯಾಗಬೇಕು. ಒಂದು ಬಾರಿ ನಿಗಮದ ಯಾವುದಾದರೂ ಯೋಜನೆಯಲ್ಲಿ ಸೌಲಭ್ಯ ಪಡೆದುಕೊಂಡಲ್ಲಿ ಅಂತಹವರು ಹಾಗೂ ಅವರ ಕುಟುಂಬದವರು ಮತ್ತೊಮ್ಮೆ ಸೌಲಭ್ಯ ಕೋರಿ ಅರ್ಜಿ ಸಲ್ಲಿಸಲು ಅರ್ಹರಾಗಿರುವುದಿಲ್ಲ. 2023-24 ಮತ್ತು 2024-25 ನೇ ಸಾಲಿನಲ್ಲಿ ಅರ್ಜಿ ಸಲ್ಲಿಸಿ ಸೌಲಭ್ಯ ಪಡೆಯದೇ ಇರುವ ಫಲಾಪೇಕ್ಷಿಗಳು ಮತ್ತೊಮ್ಮೆ ಅರ್ಜಿ ಸಲ್ಲಿಸುವ ಅಗತ್ಯವಿಲ್ಲ. ನಿಗಮದ ವೆಬ್‌ಸೈಟ್ www.kaad.karnataka.gov.in ಗೆ ಭೇಟಿ ನೀಡಿ ಅರ್ಹತೆ, ಮಾನದಂಡಗಳ ಕುರಿತು ಹೆಚ್ಚಿನ ಮಾಹಿತಿ ಪಡೆಯಬಹುದು ಅಥವಾ ನಿಗಮದ ಸಹಾಯವಾಣಿ ಸಂ: 080-22374832 ಮತ್ತು 8050770004, 8050770005, ಅಥವಾ ಜಿಲ್ಲಾ ಕಚೇರಿಯ ದೂ.ಸಂ. 08539-221847ಗೆ ಸಂಪರ್ಕಿಸಬಹುದು ಎಂದು ನಿಗಮದ ಜಿಲ್ಲಾ ವ್ಯವಸ್ಥಾಪಕರು ಪ್ರಕಟಣೆಯಲ್ಲಿ ತಿಳಿಸಿದ್ದಾರೆ.
ಕರ್ನಾಟಕ ವೀರಶೈವ ಲಿಂಗಾಯತ ಅಭಿವೃದ್ಧಿ
ನಿಗಮದಿಂದ ವಿವಿಧ ಯೋಜನೆಗಳಡಿ ಅರ್ಜಿ ಆಹ್ವಾನ
ಕೊಪ್ಪಳ- ಕರ್ನಾಟಕ ವೀರಶೈವ ಲಿಂಗಾಯತ ಅಭಿವೃದ್ಧಿ ನಿಗಮದಿಂದ ವೀರಶೈವ ಲಿಂಗಾಯತ ಜಾತಿ ಹಾಗೂ ಉಪಜಾತಿಗೆ ಸೇರಿದ ಸಮುದಾಯದ ಜನರ(ಪ್ರವರ್ಗ-3ಬಿ) ಅಭಿವೃದ್ಧಿಗಾಗಿ 2025-26ನೇ ಸಾಲಿನಲ್ಲಿ ವಿವಿಧ ಯೋಜನೆಗಳಡಿ ಸೌಲಭ್ಯ ಪಡೆಯಲು ಅರ್ಹ ಫಲಾನುಭವಿಗಳಿಂದ ಆನ್‌ಲೈನ್ ಮೂಲಕ ಅರ್ಜಿ ಆಹ್ವಾನಿಸಲಾಗಿದೆ. ನಿಗಮದಿಂದ ಶೈಕ್ಷಣಿಕ ಸಾಲ ಯೋಜನೆ(ಬಸವ ಬೆಳಗು ಯೋಜನೆ (ಹೊಸ ವಿದ್ಯಾರ್ಥಿಗಳಿಗೆ ಮತ್ತು ನವೀಕರಣ), ವಿದೇಶ ವಿದ್ಯಾಭ್ಯಾಸ ಯೋಜನೆ), ಜೀವಜಲ ಯೋಜನೆ, ಕಾಯಕ ಕಿರಣ ಯೋಜನೆ, ಭೋಜನಾಲಯ ಕೇಂದ್ರ ಯೋಜನೆ, ವಿಭೂತಿ ನಿರ್ಮಾಣ ಘಟಕ, ಸ್ವಾವಲಂಬಿ ಸಾರಥಿ ಯೋಜನೆ, ಸ್ವಾತಂತ್ರ್ಯ ಅಮೃತ ಮಹೋತ್ಸವದ ಮುನ್ನಡೆ ಯೋಜನೆ (http://www.kaushalkar.com), ), ಸ್ವ ಸಹಾಯ ಸಂಘಗಳಿಗೆ ಉತ್ತೇಜನ ಯೋಜನೆಯಲ್ಲಿ ವಿವಿಧ ಸೌಲಭ್ಯಗಳನ್ನು ಒದಗಿಸಲಾಗುತ್ತದೆ. ಅರ್ಹ ಫಲಾನುಭವಿಗಳು ಸೇವಾಸಿಂಧು ಪೋರ್ಟಲ್ http://sevasindhu.karnataka.gov.in ಮುಖಾಂತರ ಗ್ರಾಮ ಒನ್, ಬೆಂಗಳೂರು ಒನ್ ಮತ್ತು ಕರ್ನಾಟಕ ಒನ್ ಸೇವಾ ಕೇಂದ್ರಗಳಲ್ಲಿ ಆನ್‌ಲೈನ್ ಮೂಲಕ ಜೂನ್ 30 ರೊಳಗೆ ಅರ್ಜಿಗಳನ್ನು ಸಲ್ಲಿಸಬೇಕು.
